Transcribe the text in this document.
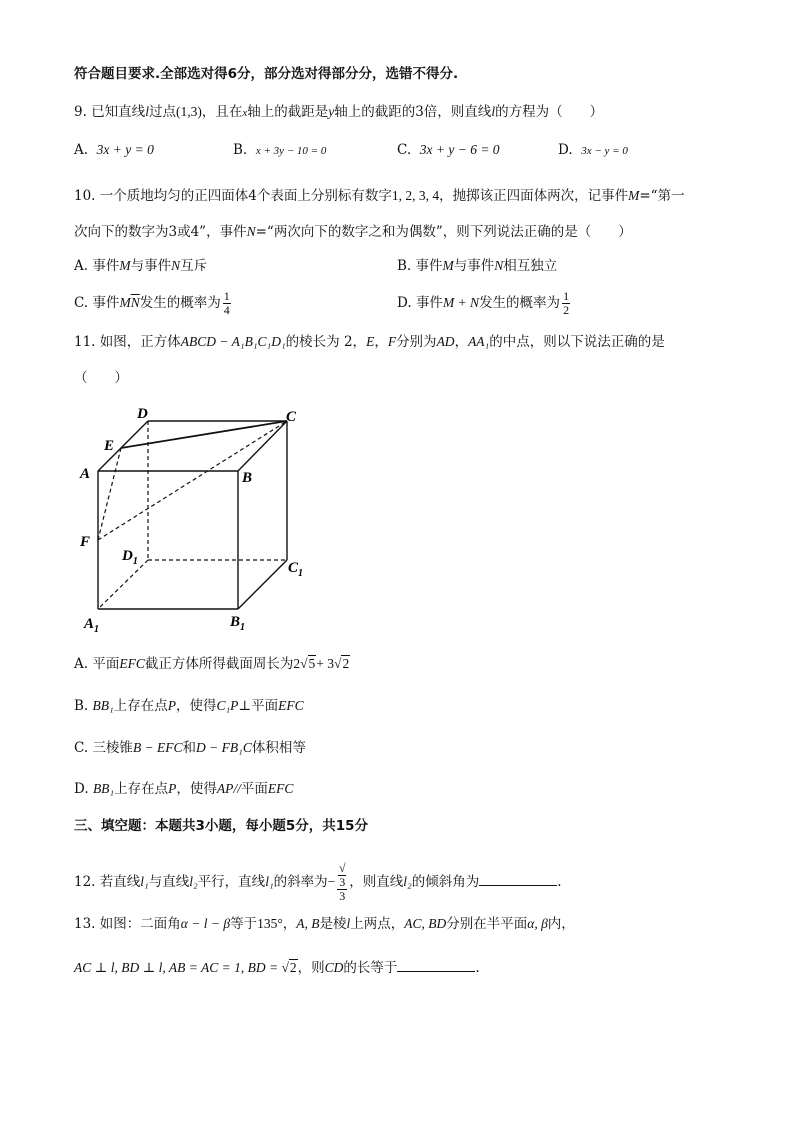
符合题目要求.全部选对得6分，部分选对得部分分，选错不得分.
9. 已知直线l过点(1,3)，且在x轴上的截距是y轴上的截距的3倍，则直线l的方程为（　　）
A. 3x + y = 0	B. x + 3y − 10 = 0	C. 3x + y − 6 = 0	D. 3x − y = 0
10. 一个质地均匀的正四面体4个表面上分别标有数字1, 2, 3, 4，抛掷该正四面体两次，记事件M=“第一
次向下的数字为3或4”，事件N=“两次向下的数字之和为偶数”，则下列说法正确的是（　　）
A. 事件M与事件N互斥	B. 事件M与事件N相互独立
C. 事件$M\overline{N}$发生的概率为 $\frac{1}{4}$	D. 事件M + N发生的概率为 $\frac{1}{2}$
11. 如图，正方体ABCD − A₁B₁C₁D₁的棱长为 2，E，F分别为AD，AA₁的中点，则以下说法正确的是
（　　）
D	C
E
A	B
F
$D_1$	$C_1$
$A_1$	$B_1$
A. 平面EFC截正方体所得截面周长为2√5+ 3√2
B. BB₁上存在点P，使得C₁P⊥平面EFC
C. 三棱锥B − EFC和D − FB₁C体积相等
D. BB₁上存在点P，使得AP//平面EFC
三、填空题：本题共3小题，每小题5分，共15分
12. 若直线l₁与直线l₂平行，直线l₁的斜率为− √
3
3 ，则直线l₂的倾斜角为	.
13. 如图：二面角α − l − β等于135°，A, B是棱l上两点，AC, BD分别在半平面α, β内，
AC ⊥ l, BD ⊥ l, AB = AC = 1, BD = √2，则CD的长等于	.
